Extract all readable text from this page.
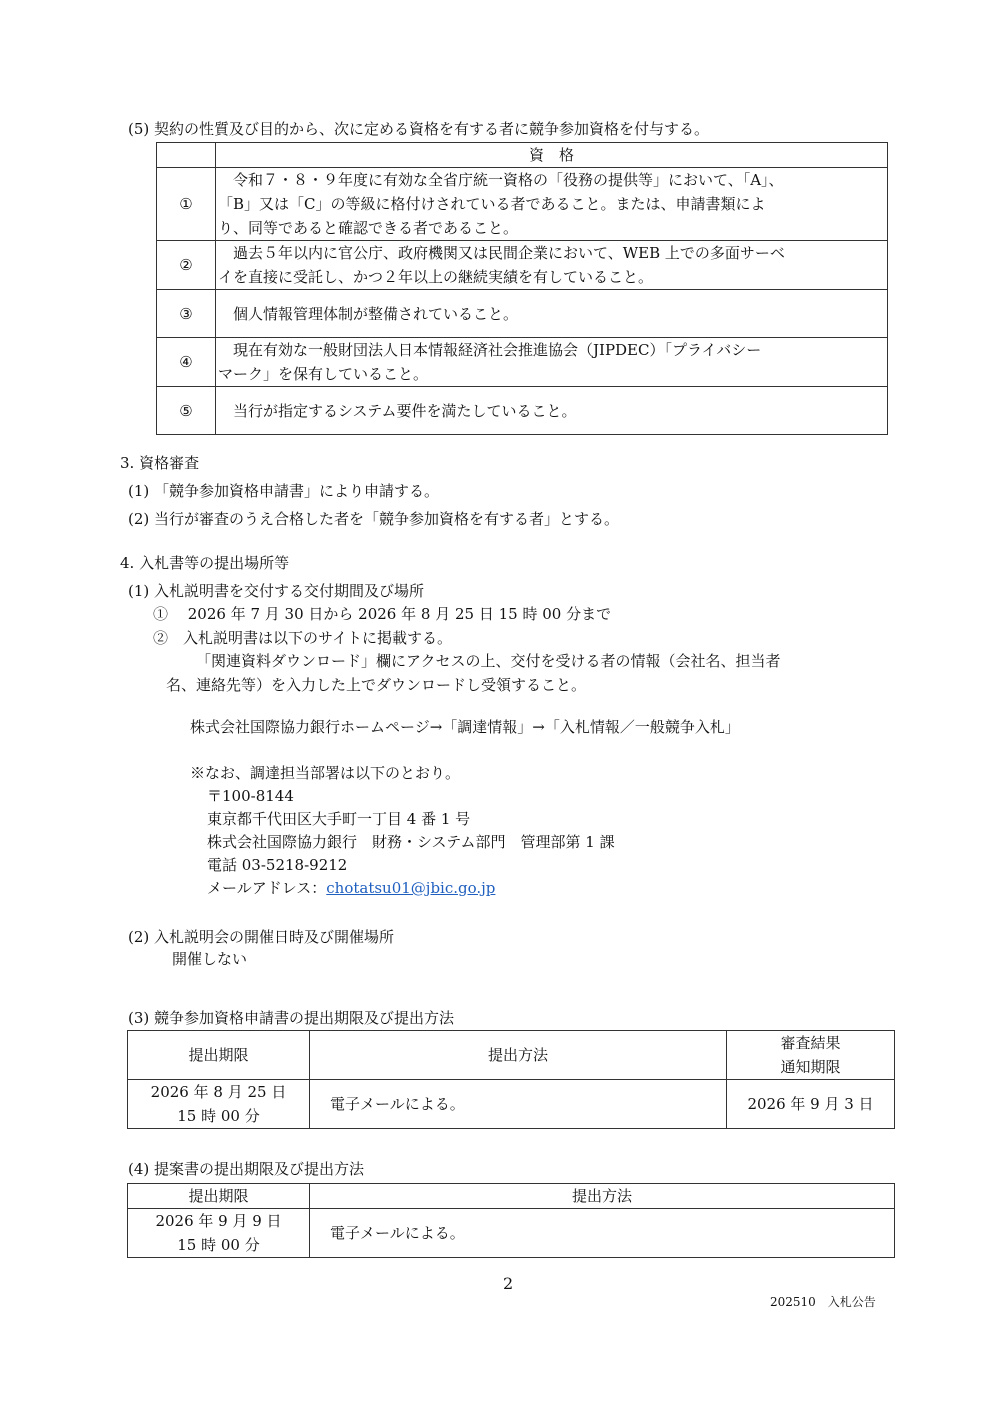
(5) 契約の性質及び目的から、次に定める資格を有する者に競争参加資格を付与する。
	資　格
①	　令和７・８・９年度に有効な全省庁統一資格の「役務の提供等」において、「A」、
「B」又は「C」の等級に格付けされている者であること。または、申請書類によ
り、同等であると確認できる者であること。

②	　過去５年以内に官公庁、政府機関又は民間企業において、WEB 上での多面サーベ
イを直接に受託し、かつ２年以上の継続実績を有していること。

③	　個人情報管理体制が整備されていること。

④	　現在有効な一般財団法人日本情報経済社会推進協会（JIPDEC）「プライバシー
マーク」を保有していること。

⑤	　当行が指定するシステム要件を満たしていること。
3. 資格審査
(1) 「競争参加資格申請書」により申請する。
(2) 当行が審査のうえ合格した者を「競争参加資格を有する者」とする。
4. 入札書等の提出場所等
(1) 入札説明書を交付する交付期間及び場所
①　 2026 年 7 月 30 日から 2026 年 8 月 25 日 15 時 00 分まで
②　入札説明書は以下のサイトに掲載する。
「関連資料ダウンロード」欄にアクセスの上、交付を受ける者の情報（会社名、担当者
名、連絡先等）を入力した上でダウンロードし受領すること。
株式会社国際協力銀行ホームページ→「調達情報」→「入札情報／一般競争入札」
※なお、調達担当部署は以下のとおり。
〒100-8144
東京都千代田区大手町一丁目 4 番 1 号
株式会社国際協力銀行　財務・システム部門　管理部第 1 課
電話 03-5218-9212
メールアドレス：chotatsu01@jbic.go.jp
(2) 入札説明会の開催日時及び開催場所
開催しない
(3) 競争参加資格申請書の提出期限及び提出方法
提出期限	提出方法	審査結果
通知期限

2026 年 8 月 25 日
15 時 00 分	電子メールによる。	2026 年 9 月 3 日
(4) 提案書の提出期限及び提出方法
提出期限	提出方法

2026 年 9 月 9 日
15 時 00 分	電子メールによる。
2
202510　入札公告
